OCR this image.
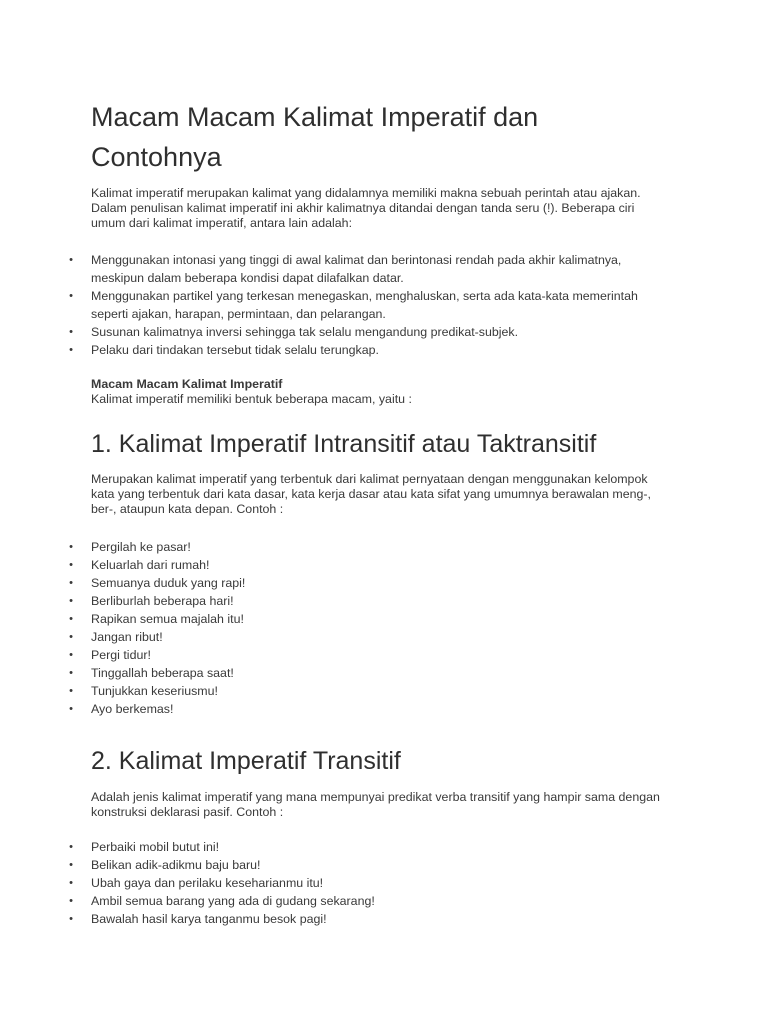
Macam Macam Kalimat Imperatif dan
Contohnya

Kalimat imperatif merupakan kalimat yang didalamnya memiliki makna sebuah perintah atau ajakan.
Dalam penulisan kalimat imperatif ini akhir kalimatnya ditandai dengan tanda seru (!). Beberapa ciri
umum dari kalimat imperatif, antara lain adalah:

• Menggunakan intonasi yang tinggi di awal kalimat dan berintonasi rendah pada akhir kalimatnya,
meskipun dalam beberapa kondisi dapat dilafalkan datar.
• Menggunakan partikel yang terkesan menegaskan, menghaluskan, serta ada kata-kata memerintah
seperti ajakan, harapan, permintaan, dan pelarangan.
• Susunan kalimatnya inversi sehingga tak selalu mengandung predikat-subjek.
• Pelaku dari tindakan tersebut tidak selalu terungkap.

Macam Macam Kalimat Imperatif
Kalimat imperatif memiliki bentuk beberapa macam, yaitu :

1. Kalimat Imperatif Intransitif atau Taktransitif

Merupakan kalimat imperatif yang terbentuk dari kalimat pernyataan dengan menggunakan kelompok
kata yang terbentuk dari kata dasar, kata kerja dasar atau kata sifat yang umumnya berawalan meng-,
ber-, ataupun kata depan. Contoh :

• Pergilah ke pasar!
• Keluarlah dari rumah!
• Semuanya duduk yang rapi!
• Berliburlah beberapa hari!
• Rapikan semua majalah itu!
• Jangan ribut!
• Pergi tidur!
• Tinggallah beberapa saat!
• Tunjukkan keseriusmu!
• Ayo berkemas!
2. Kalimat Imperatif Transitif

Adalah jenis kalimat imperatif yang mana mempunyai predikat verba transitif yang hampir sama dengan
konstruksi deklarasi pasif. Contoh :

• Perbaiki mobil butut ini!
• Belikan adik-adikmu baju baru!
• Ubah gaya dan perilaku keseharianmu itu!
• Ambil semua barang yang ada di gudang sekarang!
• Bawalah hasil karya tanganmu besok pagi!
